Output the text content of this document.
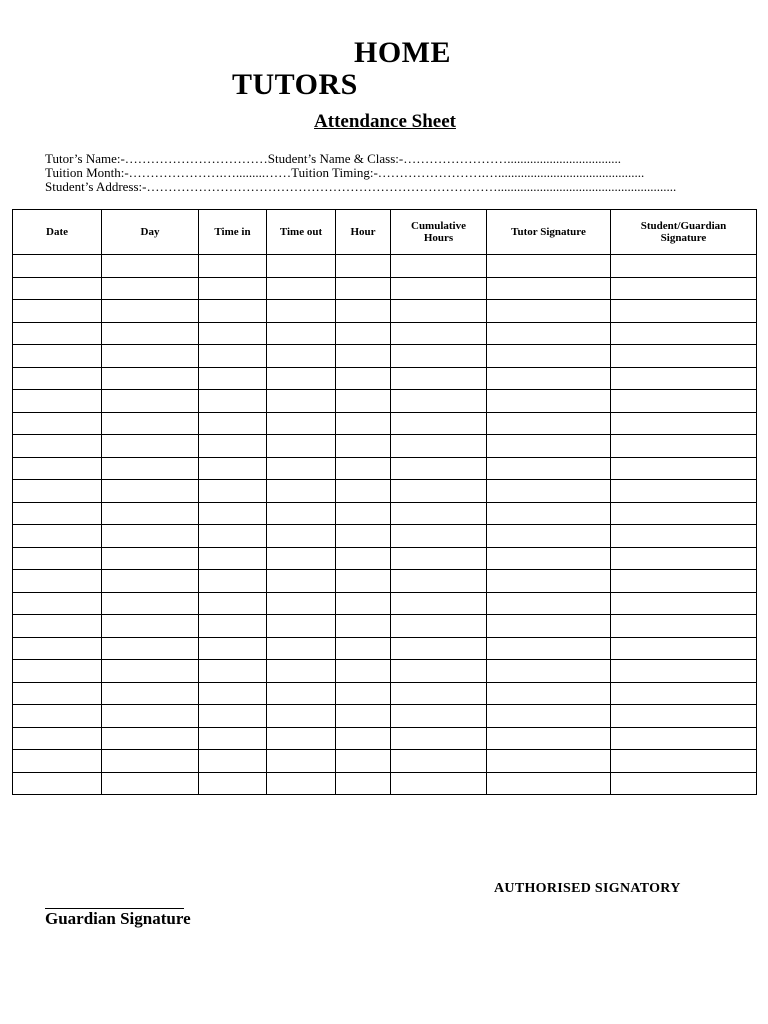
HOME
TUTORS
Attendance Sheet
Tutor’s Name:-……………………………Student’s Name & Class:-……………………...................................
Tuition Month:-………………….….........……Tuition Timing:-…………………….….............................................
Student’s Address:-……………………………………………………………………….......................................................
Date	Day	Time in	Time out	Hour	Cumulative Hours	Tutor Signature	Student/Guardian Signature

AUTHORISED SIGNATORY
Guardian Signature
